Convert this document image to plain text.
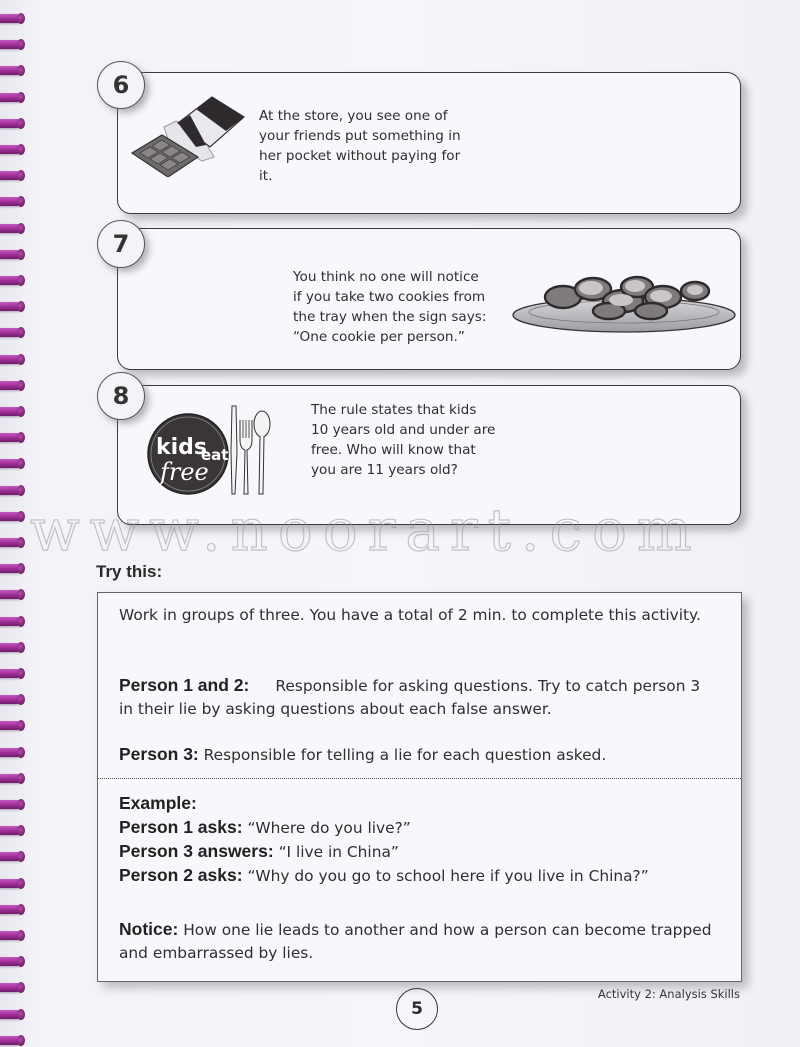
6
At the store, you see one of
your friends put something in
her pocket without paying for
it.
7
You think no one will notice
if you take two cookies from
the tray when the sign says:
“One cookie per person.”
8
kids
eat
free
The rule states that kids
10 years old and under are
free. Who will know that
you are 11 years old?
Try this:
Work in groups of three. You have a total of 2 min. to complete this activity.
Person 1 and 2: Responsible for asking questions. Try to catch person 3 in their lie by asking questions about each false answer.
Person 3: Responsible for telling a lie for each question asked.
Example:
Person 1 asks: “Where do you live?”
Person 3 answers: “I live in China”
Person 2 asks: “Why do you go to school here if you live in China?”
Notice: How one lie leads to another and how a person can become trapped and embarrassed by lies.
5
Activity 2: Analysis Skills
